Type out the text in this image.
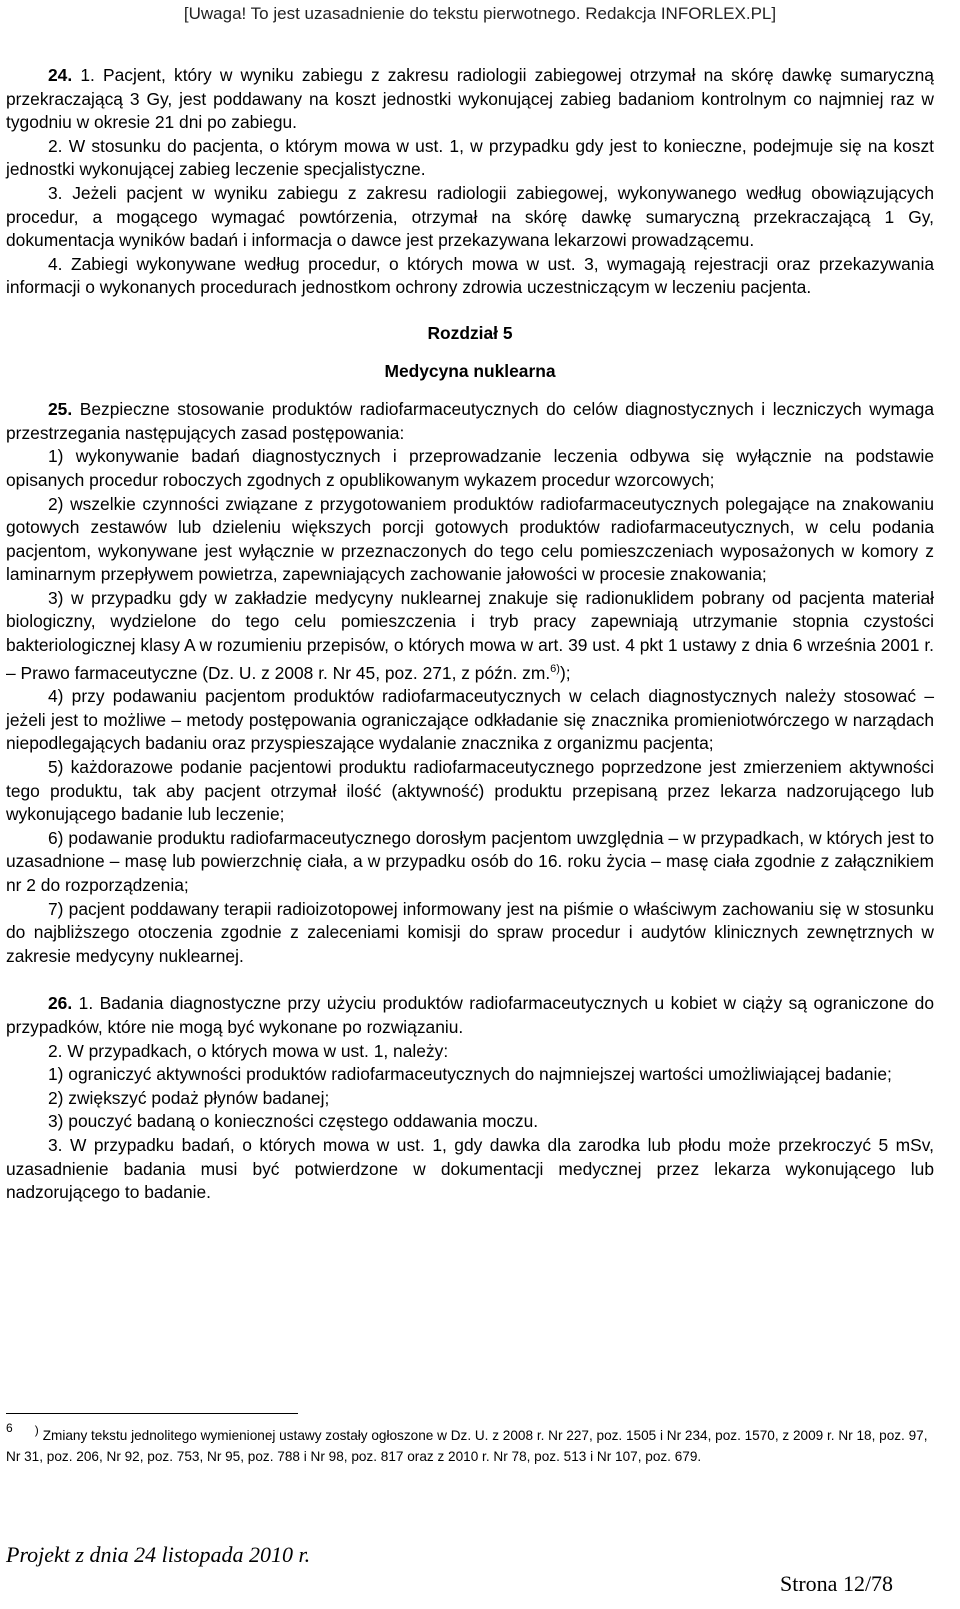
[Uwaga! To jest uzasadnienie do tekstu pierwotnego. Redakcja INFORLEX.PL]

24. 1. Pacjent, który w wyniku zabiegu z zakresu radiologii zabiegowej otrzymał na skórę dawkę sumaryczną przekraczającą 3 Gy, jest poddawany na koszt jednostki wykonującej zabieg badaniom kontrolnym co najmniej raz w tygodniu w okresie 21 dni po zabiegu.

2. W stosunku do pacjenta, o którym mowa w ust. 1, w przypadku gdy jest to konieczne, podejmuje się na koszt jednostki wykonującej zabieg leczenie specjalistyczne.

3. Jeżeli pacjent w wyniku zabiegu z zakresu radiologii zabiegowej, wykonywanego według obowiązujących procedur, a mogącego wymagać powtórzenia, otrzymał na skórę dawkę sumaryczną przekraczającą 1 Gy, dokumentacja wyników badań i informacja o dawce jest przekazywana lekarzowi prowadzącemu.

4. Zabiegi wykonywane według procedur, o których mowa w ust. 3, wymagają rejestracji oraz przekazywania informacji o wykonanych procedurach jednostkom ochrony zdrowia uczestniczącym w leczeniu pacjenta.

Rozdział 5

Medycyna nuklearna

25. Bezpieczne stosowanie produktów radiofarmaceutycznych do celów diagnostycznych i leczniczych wymaga przestrzegania następujących zasad postępowania:

1) wykonywanie badań diagnostycznych i przeprowadzanie leczenia odbywa się wyłącznie na podstawie opisanych procedur roboczych zgodnych z opublikowanym wykazem procedur wzorcowych;

2) wszelkie czynności związane z przygotowaniem produktów radiofarmaceutycznych polegające na znakowaniu gotowych zestawów lub dzieleniu większych porcji gotowych produktów radiofarmaceutycznych, w celu podania pacjentom, wykonywane jest wyłącznie w przeznaczonych do tego celu pomieszczeniach wyposażonych w komory z laminarnym przepływem powietrza, zapewniających zachowanie jałowości w procesie znakowania;

3) w przypadku gdy w zakładzie medycyny nuklearnej znakuje się radionuklidem pobrany od pacjenta materiał biologiczny, wydzielone do tego celu pomieszczenia i tryb pracy zapewniają utrzymanie stopnia czystości bakteriologicznej klasy A w rozumieniu przepisów, o których mowa w art. 39 ust. 4 pkt 1 ustawy z dnia 6 września 2001 r. – Prawo farmaceutyczne (Dz. U. z 2008 r. Nr 45, poz. 271, z późn. zm.$^{6)}$);

4) przy podawaniu pacjentom produktów radiofarmaceutycznych w celach diagnostycznych należy stosować – jeżeli jest to możliwe – metody postępowania ograniczające odkładanie się znacznika promieniotwórczego w narządach niepodlegających badaniu oraz przyspieszające wydalanie znacznika z organizmu pacjenta;

5) każdorazowe podanie pacjentowi produktu radiofarmaceutycznego poprzedzone jest zmierzeniem aktywności tego produktu, tak aby pacjent otrzymał ilość (aktywność) produktu przepisaną przez lekarza nadzorującego lub wykonującego badanie lub leczenie;

6) podawanie produktu radiofarmaceutycznego dorosłym pacjentom uwzględnia – w przypadkach, w których jest to uzasadnione – masę lub powierzchnię ciała, a w przypadku osób do 16. roku życia – masę ciała zgodnie z załącznikiem nr 2 do rozporządzenia;

7) pacjent poddawany terapii radioizotopowej informowany jest na piśmie o właściwym zachowaniu się w stosunku do najbliższego otoczenia zgodnie z zaleceniami komisji do spraw procedur i audytów klinicznych zewnętrznych w zakresie medycyny nuklearnej.

26. 1. Badania diagnostyczne przy użyciu produktów radiofarmaceutycznych u kobiet w ciąży są ograniczone do przypadków, które nie mogą być wykonane po rozwiązaniu.

2. W przypadkach, o których mowa w ust. 1, należy:

1) ograniczyć aktywności produktów radiofarmaceutycznych do najmniejszej wartości umożliwiającej badanie;

2) zwiększyć podaż płynów badanej;

3) pouczyć badaną o konieczności częstego oddawania moczu.

3. W przypadku badań, o których mowa w ust. 1, gdy dawka dla zarodka lub płodu może przekroczyć 5 mSv, uzasadnienie badania musi być potwierdzone w dokumentacji medycznej przez lekarza wykonującego lub nadzorującego to badanie.

$^6$ ) Zmiany tekstu jednolitego wymienionej ustawy zostały ogłoszone w Dz. U. z 2008 r. Nr 227, poz. 1505 i Nr 234, poz. 1570, z 2009 r. Nr 18, poz. 97, Nr 31, poz. 206, Nr 92, poz. 753, Nr 95, poz. 788 i Nr 98, poz. 817 oraz z 2010 r. Nr 78, poz. 513 i Nr 107, poz. 679.
Projekt z dnia 24 listopada 2010 r.
Strona 12/78
